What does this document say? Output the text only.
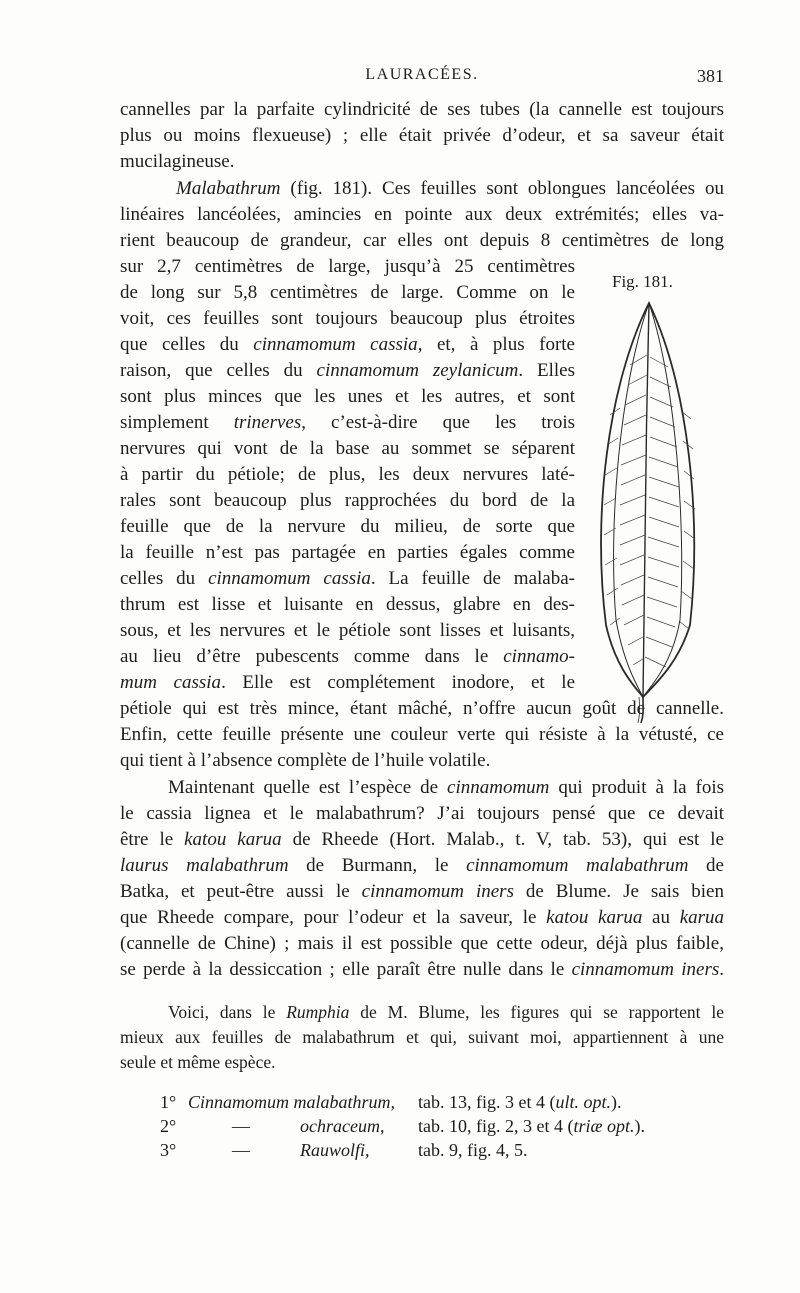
LAURACÉES.	381
cannelles par la parfaite cylindricité de ses tubes (la cannelle est toujours
plus ou moins flexueuse) ; elle était privée d’odeur, et sa saveur était
mucilagineuse.
Malabathrum (fig. 181). Ces feuilles sont oblongues lancéolées ou
linéaires lancéolées, amincies en pointe aux deux extrémités; elles va-
rient beaucoup de grandeur, car elles ont depuis 8 centimètres de long
sur 2,7 centimètres de large, jusqu’à 25 centimètres
de long sur 5,8 centimètres de large. Comme on le
voit, ces feuilles sont toujours beaucoup plus étroites
que celles du cinnamomum cassia, et, à plus forte
raison, que celles du cinnamomum zeylanicum. Elles
sont plus minces que les unes et les autres, et sont
simplement trinerves, c’est-à-dire que les trois
nervures qui vont de la base au sommet se séparent
à partir du pétiole; de plus, les deux nervures laté-
rales sont beaucoup plus rapprochées du bord de la
feuille que de la nervure du milieu, de sorte que
la feuille n’est pas partagée en parties égales comme
celles du cinnamomum cassia. La feuille de malaba-
thrum est lisse et luisante en dessus, glabre en des-
sous, et les nervures et le pétiole sont lisses et luisants,
au lieu d’être pubescents comme dans le cinnamo-
mum cassia. Elle est complétement inodore, et le
pétiole qui est très mince, étant mâché, n’offre aucun goût de cannelle.
Enfin, cette feuille présente une couleur verte qui résiste à la vétusté, ce
qui tient à l’absence complète de l’huile volatile.
Maintenant quelle est l’espèce de cinnamomum qui produit à la fois
le cassia lignea et le malabathrum? J’ai toujours pensé que ce devait
être le katou karua de Rheede (Hort. Malab., t. V, tab. 53), qui est le
laurus malabathrum de Burmann, le cinnamomum malabathrum de
Batka, et peut-être aussi le cinnamomum iners de Blume. Je sais bien
que Rheede compare, pour l’odeur et la saveur, le katou karua au karua
(cannelle de Chine) ; mais il est possible que cette odeur, déjà plus faible,
se perde à la dessiccation ; elle paraît être nulle dans le cinnamomum iners.
Voici, dans le Rumphia de M. Blume, les figures qui se rapportent le
mieux aux feuilles de malabathrum et qui, suivant moi, appartiennent à une
seule et même espèce.
1° Cinnamomum malabathrum, tab. 13, fig. 3 et 4 (ult. opt.).
2°	—	ochraceum, tab. 10, fig. 2, 3 et 4 (triæ opt.).
3°	—	Rauwolfi,	tab. 9, fig. 4, 5.
Fig. 181.
